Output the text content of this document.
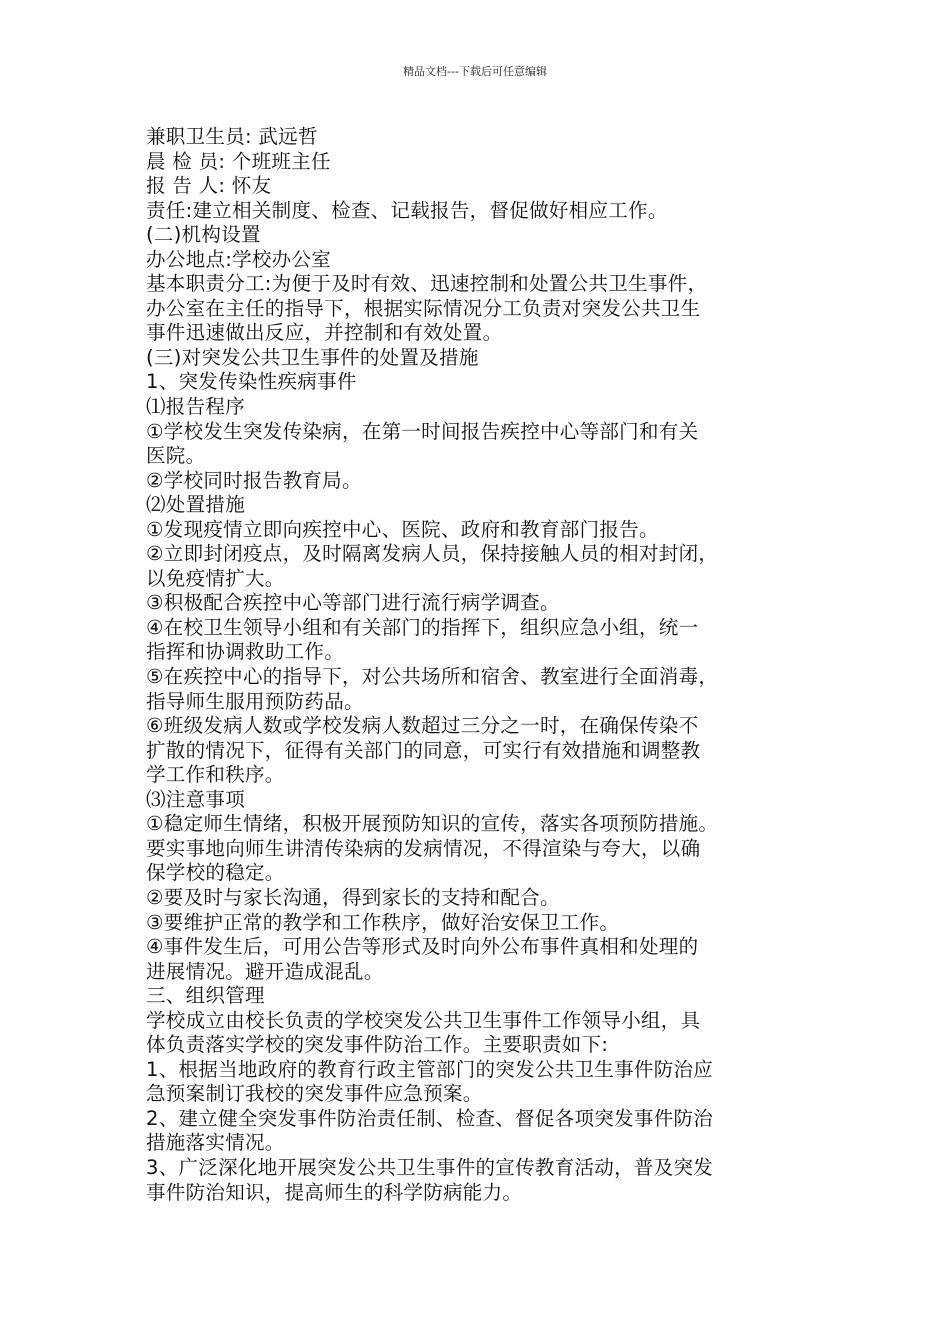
精品文档---下载后可任意编辑
兼职卫生员: 武远哲
晨 检 员: 个班班主任
报 告 人: 怀友
责任:建立相关制度、检查、记载报告，督促做好相应工作。
(二)机构设置
办公地点:学校办公室
基本职责分工:为便于及时有效、迅速控制和处置公共卫生事件，
办公室在主任的指导下，根据实际情况分工负责对突发公共卫生
事件迅速做出反应，并控制和有效处置。
(三)对突发公共卫生事件的处置及措施
1、突发传染性疾病事件
⑴报告程序
①学校发生突发传染病，在第一时间报告疾控中心等部门和有关
医院。
②学校同时报告教育局。
⑵处置措施
①发现疫情立即向疾控中心、医院、政府和教育部门报告。
②立即封闭疫点，及时隔离发病人员，保持接触人员的相对封闭，
以免疫情扩大。
③积极配合疾控中心等部门进行流行病学调查。
④在校卫生领导小组和有关部门的指挥下，组织应急小组，统一
指挥和协调救助工作。
⑤在疾控中心的指导下，对公共场所和宿舍、教室进行全面消毒，
指导师生服用预防药品。
⑥班级发病人数或学校发病人数超过三分之一时，在确保传染不
扩散的情况下，征得有关部门的同意，可实行有效措施和调整教
学工作和秩序。
⑶注意事项
①稳定师生情绪，积极开展预防知识的宣传，落实各项预防措施。
要实事地向师生讲清传染病的发病情况，不得渲染与夸大，以确
保学校的稳定。
②要及时与家长沟通，得到家长的支持和配合。
③要维护正常的教学和工作秩序，做好治安保卫工作。
④事件发生后，可用公告等形式及时向外公布事件真相和处理的
进展情况。避开造成混乱。
三、组织管理
学校成立由校长负责的学校突发公共卫生事件工作领导小组，具
体负责落实学校的突发事件防治工作。主要职责如下:
1、根据当地政府的教育行政主管部门的突发公共卫生事件防治应
急预案制订我校的突发事件应急预案。
2、建立健全突发事件防治责任制、检查、督促各项突发事件防治
措施落实情况。
3、广泛深化地开展突发公共卫生事件的宣传教育活动，普及突发
事件防治知识，提高师生的科学防病能力。
